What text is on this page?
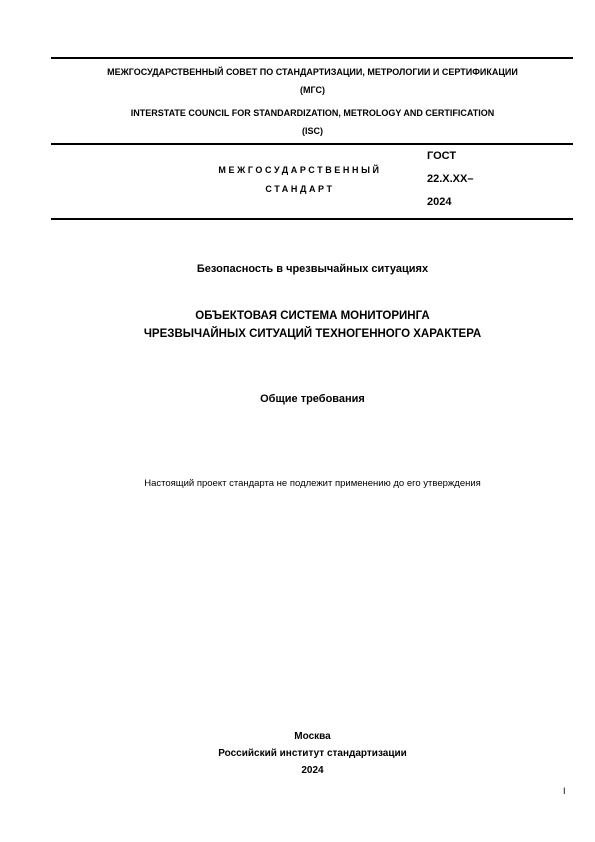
МЕЖГОСУДАРСТВЕННЫЙ СОВЕТ ПО СТАНДАРТИЗАЦИИ, МЕТРОЛОГИИ И СЕРТИФИКАЦИИ
(МГС)
INTERSTATE COUNCIL FOR STANDARDIZATION, METROLOGY AND CERTIFICATION
(ISC)
МЕЖГОСУДАРСТВЕННЫЙ
СТАНДАРТ
ГОСТ
22.Х.ХХ–
2024
Безопасность в чрезвычайных ситуациях
ОБЪЕКТОВАЯ СИСТЕМА МОНИТОРИНГА
ЧРЕЗВЫЧАЙНЫХ СИТУАЦИЙ ТЕХНОГЕННОГО ХАРАКТЕРА
Общие требования
Настоящий проект стандарта не подлежит применению до его утверждения
Москва
Российский институт стандартизации
2024
I
